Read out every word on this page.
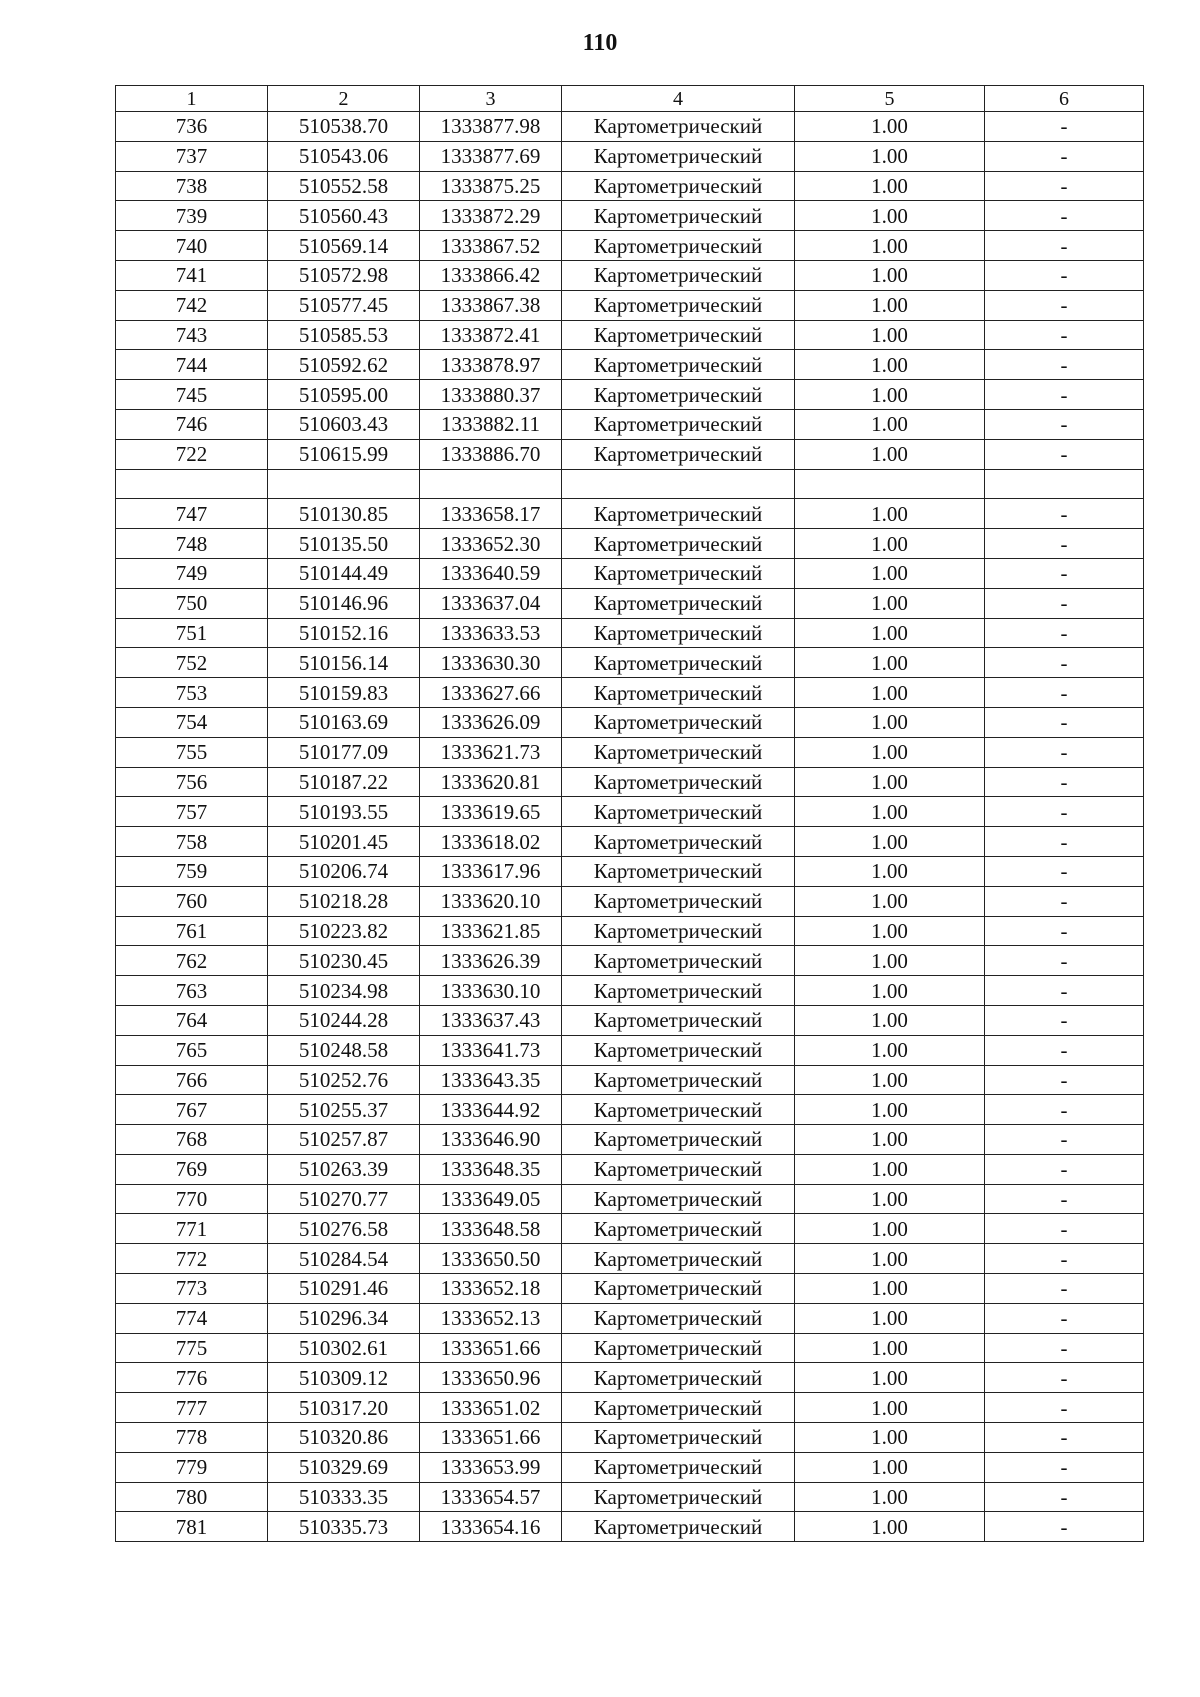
110
1	2	3	4	5	6
736	510538.70	1333877.98	Картометрический	1.00	-
737	510543.06	1333877.69	Картометрический	1.00	-
738	510552.58	1333875.25	Картометрический	1.00	-
739	510560.43	1333872.29	Картометрический	1.00	-
740	510569.14	1333867.52	Картометрический	1.00	-
741	510572.98	1333866.42	Картометрический	1.00	-
742	510577.45	1333867.38	Картометрический	1.00	-
743	510585.53	1333872.41	Картометрический	1.00	-
744	510592.62	1333878.97	Картометрический	1.00	-
745	510595.00	1333880.37	Картометрический	1.00	-
746	510603.43	1333882.11	Картометрический	1.00	-
722	510615.99	1333886.70	Картометрический	1.00	-

747	510130.85	1333658.17	Картометрический	1.00	-
748	510135.50	1333652.30	Картометрический	1.00	-
749	510144.49	1333640.59	Картометрический	1.00	-
750	510146.96	1333637.04	Картометрический	1.00	-
751	510152.16	1333633.53	Картометрический	1.00	-
752	510156.14	1333630.30	Картометрический	1.00	-
753	510159.83	1333627.66	Картометрический	1.00	-
754	510163.69	1333626.09	Картометрический	1.00	-
755	510177.09	1333621.73	Картометрический	1.00	-
756	510187.22	1333620.81	Картометрический	1.00	-
757	510193.55	1333619.65	Картометрический	1.00	-
758	510201.45	1333618.02	Картометрический	1.00	-
759	510206.74	1333617.96	Картометрический	1.00	-
760	510218.28	1333620.10	Картометрический	1.00	-
761	510223.82	1333621.85	Картометрический	1.00	-
762	510230.45	1333626.39	Картометрический	1.00	-
763	510234.98	1333630.10	Картометрический	1.00	-
764	510244.28	1333637.43	Картометрический	1.00	-
765	510248.58	1333641.73	Картометрический	1.00	-
766	510252.76	1333643.35	Картометрический	1.00	-
767	510255.37	1333644.92	Картометрический	1.00	-
768	510257.87	1333646.90	Картометрический	1.00	-
769	510263.39	1333648.35	Картометрический	1.00	-
770	510270.77	1333649.05	Картометрический	1.00	-
771	510276.58	1333648.58	Картометрический	1.00	-
772	510284.54	1333650.50	Картометрический	1.00	-
773	510291.46	1333652.18	Картометрический	1.00	-
774	510296.34	1333652.13	Картометрический	1.00	-
775	510302.61	1333651.66	Картометрический	1.00	-
776	510309.12	1333650.96	Картометрический	1.00	-
777	510317.20	1333651.02	Картометрический	1.00	-
778	510320.86	1333651.66	Картометрический	1.00	-
779	510329.69	1333653.99	Картометрический	1.00	-
780	510333.35	1333654.57	Картометрический	1.00	-
781	510335.73	1333654.16	Картометрический	1.00	-
